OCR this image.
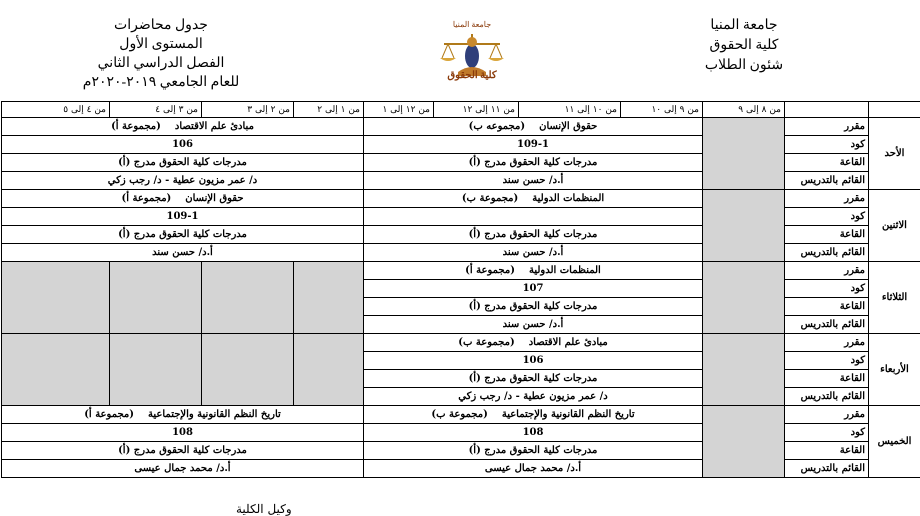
جامعة المنيا
كلية الحقوق
شئون الطلاب
جامعة المنيا
كلية الحقوق
جدول محاضرات
المستوى الأول
الفصل الدراسي الثاني
للعام الجامعي ٢٠١٩-٢٠٢٠م
		من ٨ إلى ٩	من ٩ إلى ١٠	من ١٠ إلى ١١	من ١١ إلى ١٢	من ١٢ إلى ١	من ١ إلى ٢	من ٢ إلى ٣	من ٣ إلى ٤	من ٤ إلى ٥
الأحد	مقرر		حقوق الإنسان(مجموعه ب)				مبادئ علم الاقتصاد(مجموعة أ)			
	كود		109-1				106			
	القاعة		مدرجات كلية الحقوق مدرج (أ)				مدرجات كلية الحقوق مدرج (أ)			
	القائم بالتدريس		أ.د/ حسن سند				د/ عمر مزيون عطية - د/ رجب زكي			
الاثنين	مقرر		المنظمات الدولية(مجموعة ب)				حقوق الإنسان(مجموعة أ)			
	كود						109-1			
	القاعة		مدرجات كلية الحقوق مدرج (أ)				مدرجات كلية الحقوق مدرج (أ)			
	القائم بالتدريس		أ.د/ حسن سند				أ.د/ حسن سند			
الثلاثاء	مقرر		المنظمات الدولية(مجموعة أ)							
	كود		107							
	القاعة		مدرجات كلية الحقوق مدرج (أ)							
	القائم بالتدريس		أ.د/ حسن سند							
الأربعاء	مقرر		مبادئ علم الاقتصاد(مجموعة ب)							
	كود		106							
	القاعة		مدرجات كلية الحقوق مدرج (أ)							
	القائم بالتدريس		د/ عمر مزيون عطية - د/ رجب زكي							
الخميس	مقرر		تاريخ النظم القانونية والإجتماعية(مجموعة ب)				تاريخ النظم القانونية والإجتماعية(مجموعة أ)			
	كود		108				108			
	القاعة		مدرجات كلية الحقوق مدرج (أ)				مدرجات كلية الحقوق مدرج (أ)			
	القائم بالتدريس		أ.د/ محمد جمال عيسى				أ.د/ محمد جمال عيسى			
وكيل الكلية
